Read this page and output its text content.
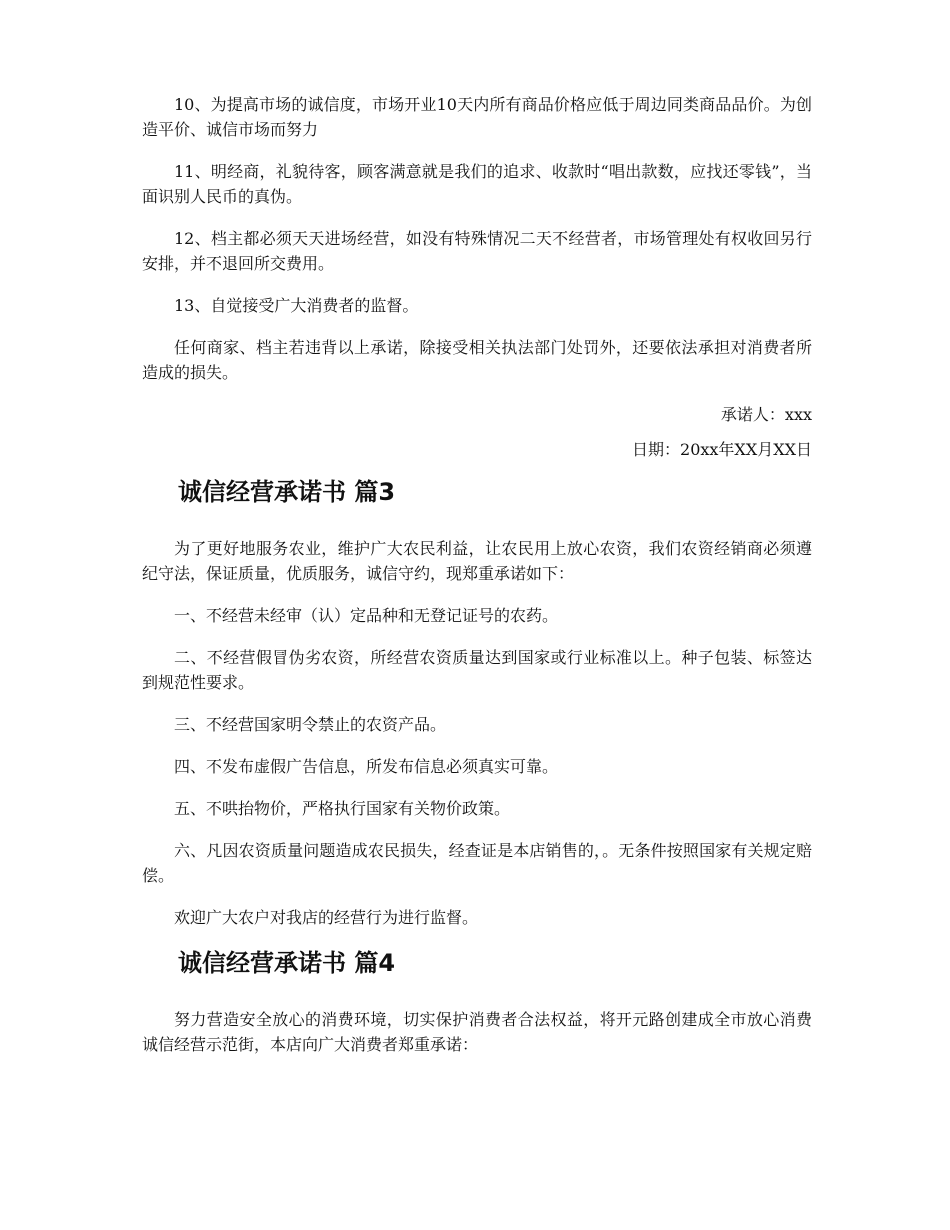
10、为提高市场的诚信度，市场开业10天内所有商品价格应低于周边同类商品品价。为创造平价、诚信市场而努力

11、明经商，礼貌待客，顾客满意就是我们的追求、收款时“唱出款数，应找还零钱”，当面识别人民币的真伪。

12、档主都必须天天进场经营，如没有特殊情况二天不经营者，市场管理处有权收回另行安排，并不退回所交费用。

13、自觉接受广大消费者的监督。

任何商家、档主若违背以上承诺，除接受相关执法部门处罚外，还要依法承担对消费者所造成的损失。

承诺人：xxx

日期：20xx年XX月XX日

诚信经营承诺书 篇3

为了更好地服务农业，维护广大农民利益，让农民用上放心农资，我们农资经销商必须遵纪守法，保证质量，优质服务，诚信守约，现郑重承诺如下：

一、不经营未经审（认）定品种和无登记证号的农药。

二、不经营假冒伪劣农资，所经营农资质量达到国家或行业标准以上。种子包装、标签达到规范性要求。

三、不经营国家明令禁止的农资产品。

四、不发布虚假广告信息，所发布信息必须真实可靠。

五、不哄抬物价，严格执行国家有关物价政策。

六、凡因农资质量问题造成农民损失，经查证是本店销售的，。无条件按照国家有关规定赔偿。

欢迎广大农户对我店的经营行为进行监督。

诚信经营承诺书 篇4

努力营造安全放心的消费环境，切实保护消费者合法权益，将开元路创建成全市放心消费诚信经营示范街，本店向广大消费者郑重承诺：
